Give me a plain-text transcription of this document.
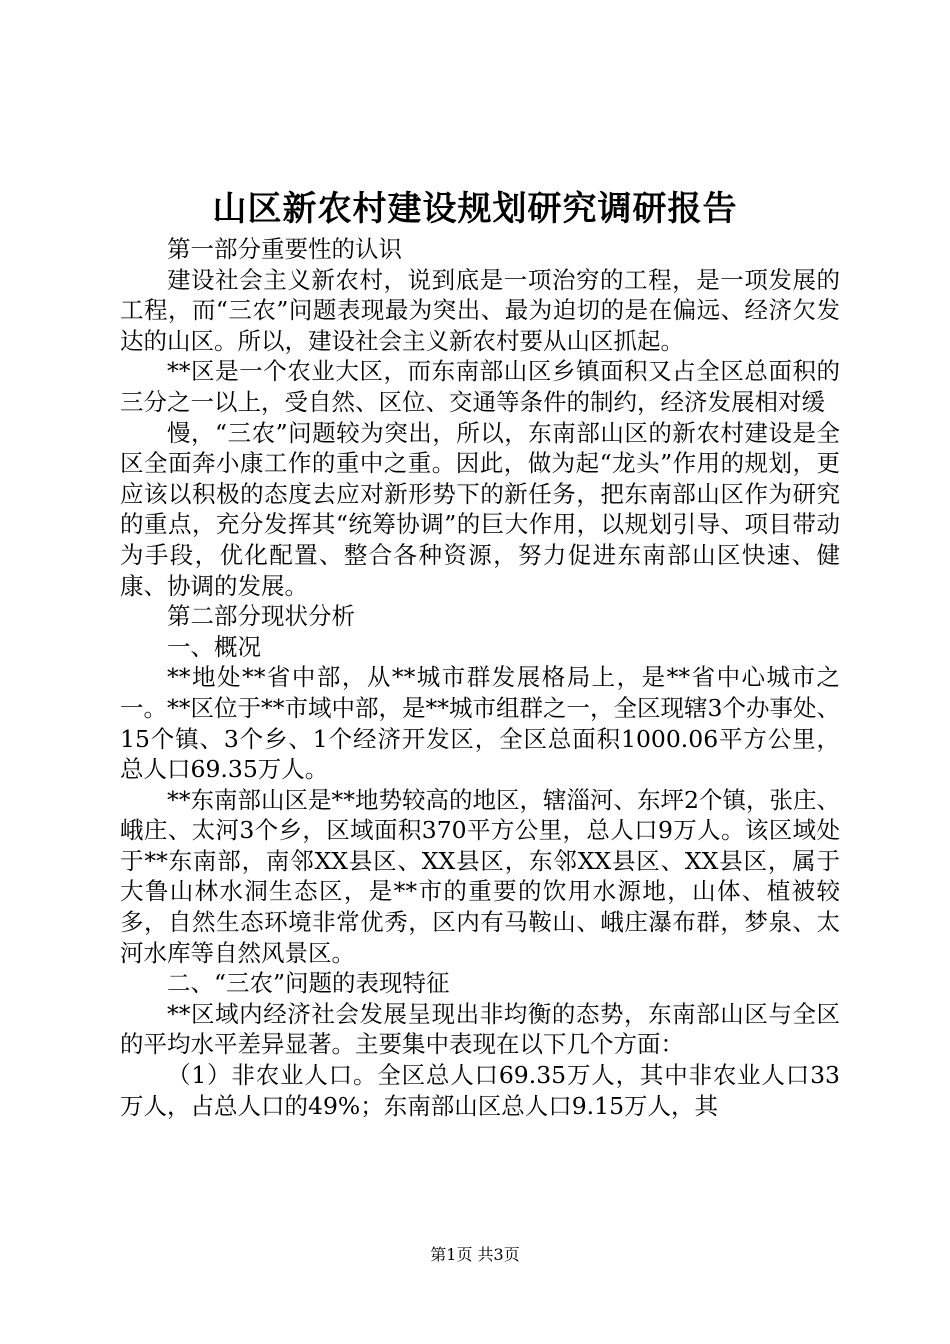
山区新农村建设规划研究调研报告

第一部分重要性的认识

建设社会主义新农村，说到底是一项治穷的工程，是一项发展的工程，而“三农”问题表现最为突出、最为迫切的是在偏远、经济欠发达的山区。所以，建设社会主义新农村要从山区抓起。

**区是一个农业大区，而东南部山区乡镇面积又占全区总面积的三分之一以上，受自然、区位、交通等条件的制约，经济发展相对缓

慢，“三农”问题较为突出，所以，东南部山区的新农村建设是全区全面奔小康工作的重中之重。因此，做为起“龙头”作用的规划，更应该以积极的态度去应对新形势下的新任务，把东南部山区作为研究的重点，充分发挥其“统筹协调”的巨大作用，以规划引导、项目带动为手段，优化配置、整合各种资源，努力促进东南部山区快速、健康、协调的发展。

第二部分现状分析

一、概况

**地处**省中部，从**城市群发展格局上，是**省中心城市之一。**区位于**市域中部，是**城市组群之一，全区现辖3个办事处、15个镇、3个乡、1个经济开发区，全区总面积1000.06平方公里，总人口69.35万人。

**东南部山区是**地势较高的地区，辖淄河、东坪2个镇，张庄、峨庄、太河3个乡，区域面积370平方公里，总人口9万人。该区域处于**东南部，南邻XX县区、XX县区，东邻XX县区、XX县区，属于大鲁山林水洞生态区，是**市的重要的饮用水源地，山体、植被较多，自然生态环境非常优秀，区内有马鞍山、峨庄瀑布群，梦泉、太河水库等自然风景区。

二、“三农”问题的表现特征

**区域内经济社会发展呈现出非均衡的态势，东南部山区与全区的平均水平差异显著。主要集中表现在以下几个方面：

（1）非农业人口。全区总人口69.35万人，其中非农业人口33万人，占总人口的49%；东南部山区总人口9.15万人，其

第1页 共3页
